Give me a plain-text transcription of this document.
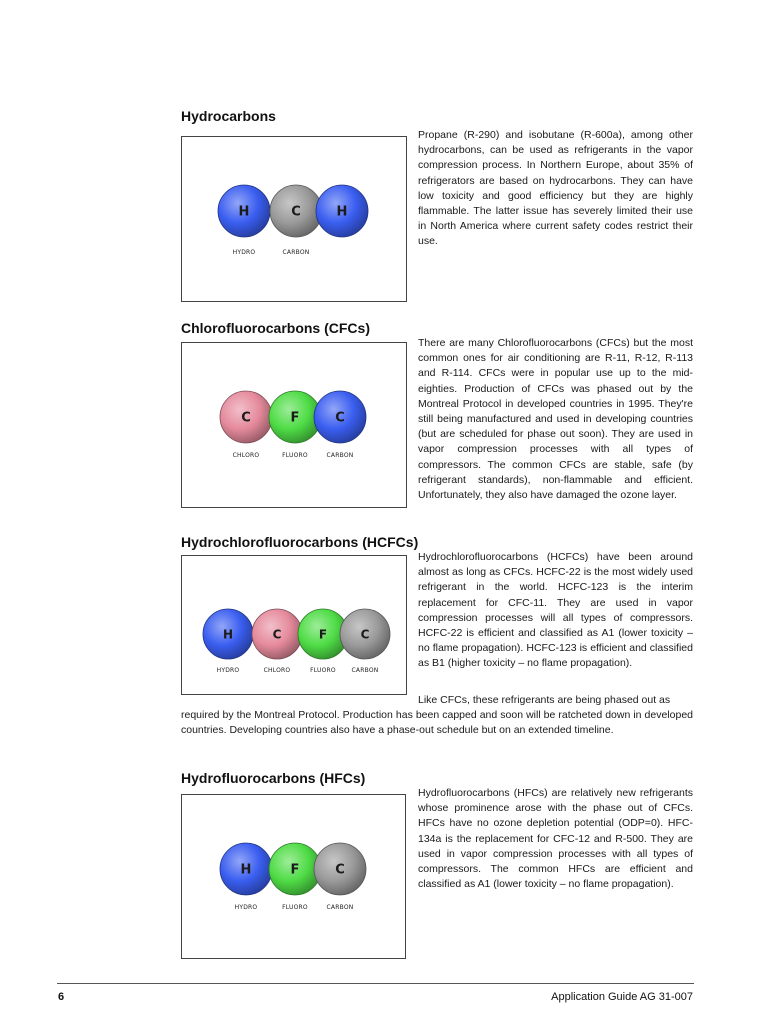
Hydrocarbons
H
HYDRO
C
CARBON
H

Propane (R-290) and isobutane (R-600a), among other hydrocarbons, can be used as refrigerants in the vapor compression process. In Northern Europe, about 35% of refrigerators are based on hydrocarbons. They can have low toxicity and good efficiency but they are highly flammable. The latter issue has severely limited their use in North America where current safety codes restrict their use.

Chlorofluorocarbons (CFCs)
C
CHLORO
F
FLUORO
C
CARBON

There are many Chlorofluorocarbons (CFCs) but the most common ones for air conditioning are R-11, R-12, R-113 and R-114. CFCs were in popular use up to the mid-eighties. Production of CFCs was phased out by the Montreal Protocol in developed countries in 1995. They're still being manufactured and used in developing countries (but are scheduled for phase out soon). They are used in vapor compression processes with all types of compressors. The common CFCs are stable, safe (by refrigerant standards), non-flammable and efficient. Unfortunately, they also have damaged the ozone layer.

Hydrochlorofluorocarbons (HCFCs)
H
HYDRO
C
CHLORO
F
FLUORO
C
CARBON

Hydrochlorofluorocarbons (HCFCs) have been around almost as long as CFCs. HCFC-22 is the most widely used refrigerant in the world. HCFC-123 is the interim replacement for CFC-11. They are used in vapor compression processes will all types of compressors. HCFC-22 is efficient and classified as A1 (lower toxicity – no flame propagation). HCFC-123 is efficient and classified as B1 (higher toxicity – no flame propagation).

Like CFCs, these refrigerants are being phased out as

required by the Montreal Protocol. Production has been capped and soon will be ratcheted down in developed countries. Developing countries also have a phase-out schedule but on an extended timeline.

Hydrofluorocarbons (HFCs)
H
HYDRO
F
FLUORO
C
CARBON

Hydrofluorocarbons (HFCs) are relatively new refrigerants whose prominence arose with the phase out of CFCs. HFCs have no ozone depletion potential (ODP=0). HFC-134a is the replacement for CFC-12 and R-500. They are used in vapor compression processes with all types of compressors. The common HFCs are efficient and classified as A1 (lower toxicity – no flame propagation).

6	Application Guide AG 31-007
